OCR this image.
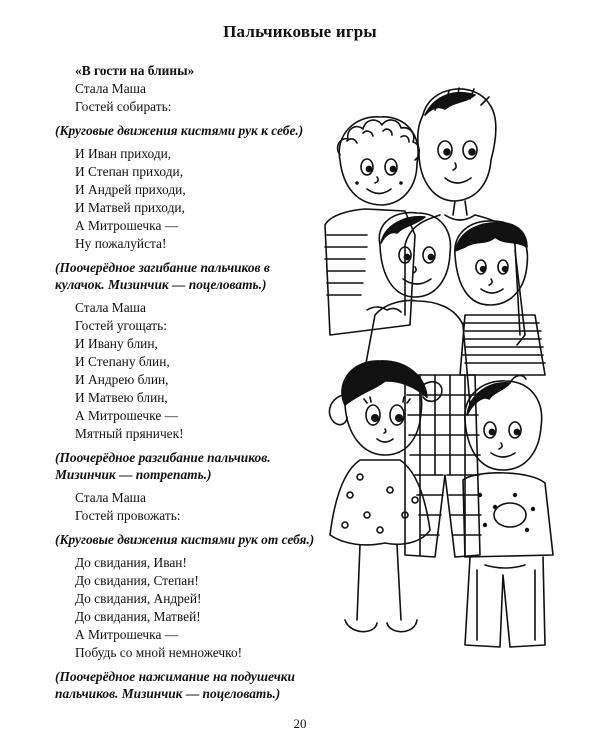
Пальчиковые игры
«В гости на блины»
Стала Маша
Гостей собирать:
(Круговые движения кистями рук к себе.)
И Иван приходи,
И Степан приходи,
И Андрей приходи,
И Матвей приходи,
А Митрошечка —
Ну пожалуйста!
(Поочерёдное загибание пальчиков в кулачок. Мизинчик — поцеловать.)
Стала Маша
Гостей угощать:
И Ивану блин,
И Степану блин,
И Андрею блин,
И Матвею блин,
А Митрошечке —
Мятный пряничек!
(Поочерёдное разгибание пальчиков. Мизинчик — потрепать.)
Стала Маша
Гостей провожать:
(Круговые движения кистями рук от себя.)
До свидания, Иван!
До свидания, Степан!
До свидания, Андрей!
До свидания, Матвей!
А Митрошечка —
Побудь со мной немножечко!
(Поочерёдное нажимание на подушечки пальчиков. Мизинчик — поцеловать.)
20
